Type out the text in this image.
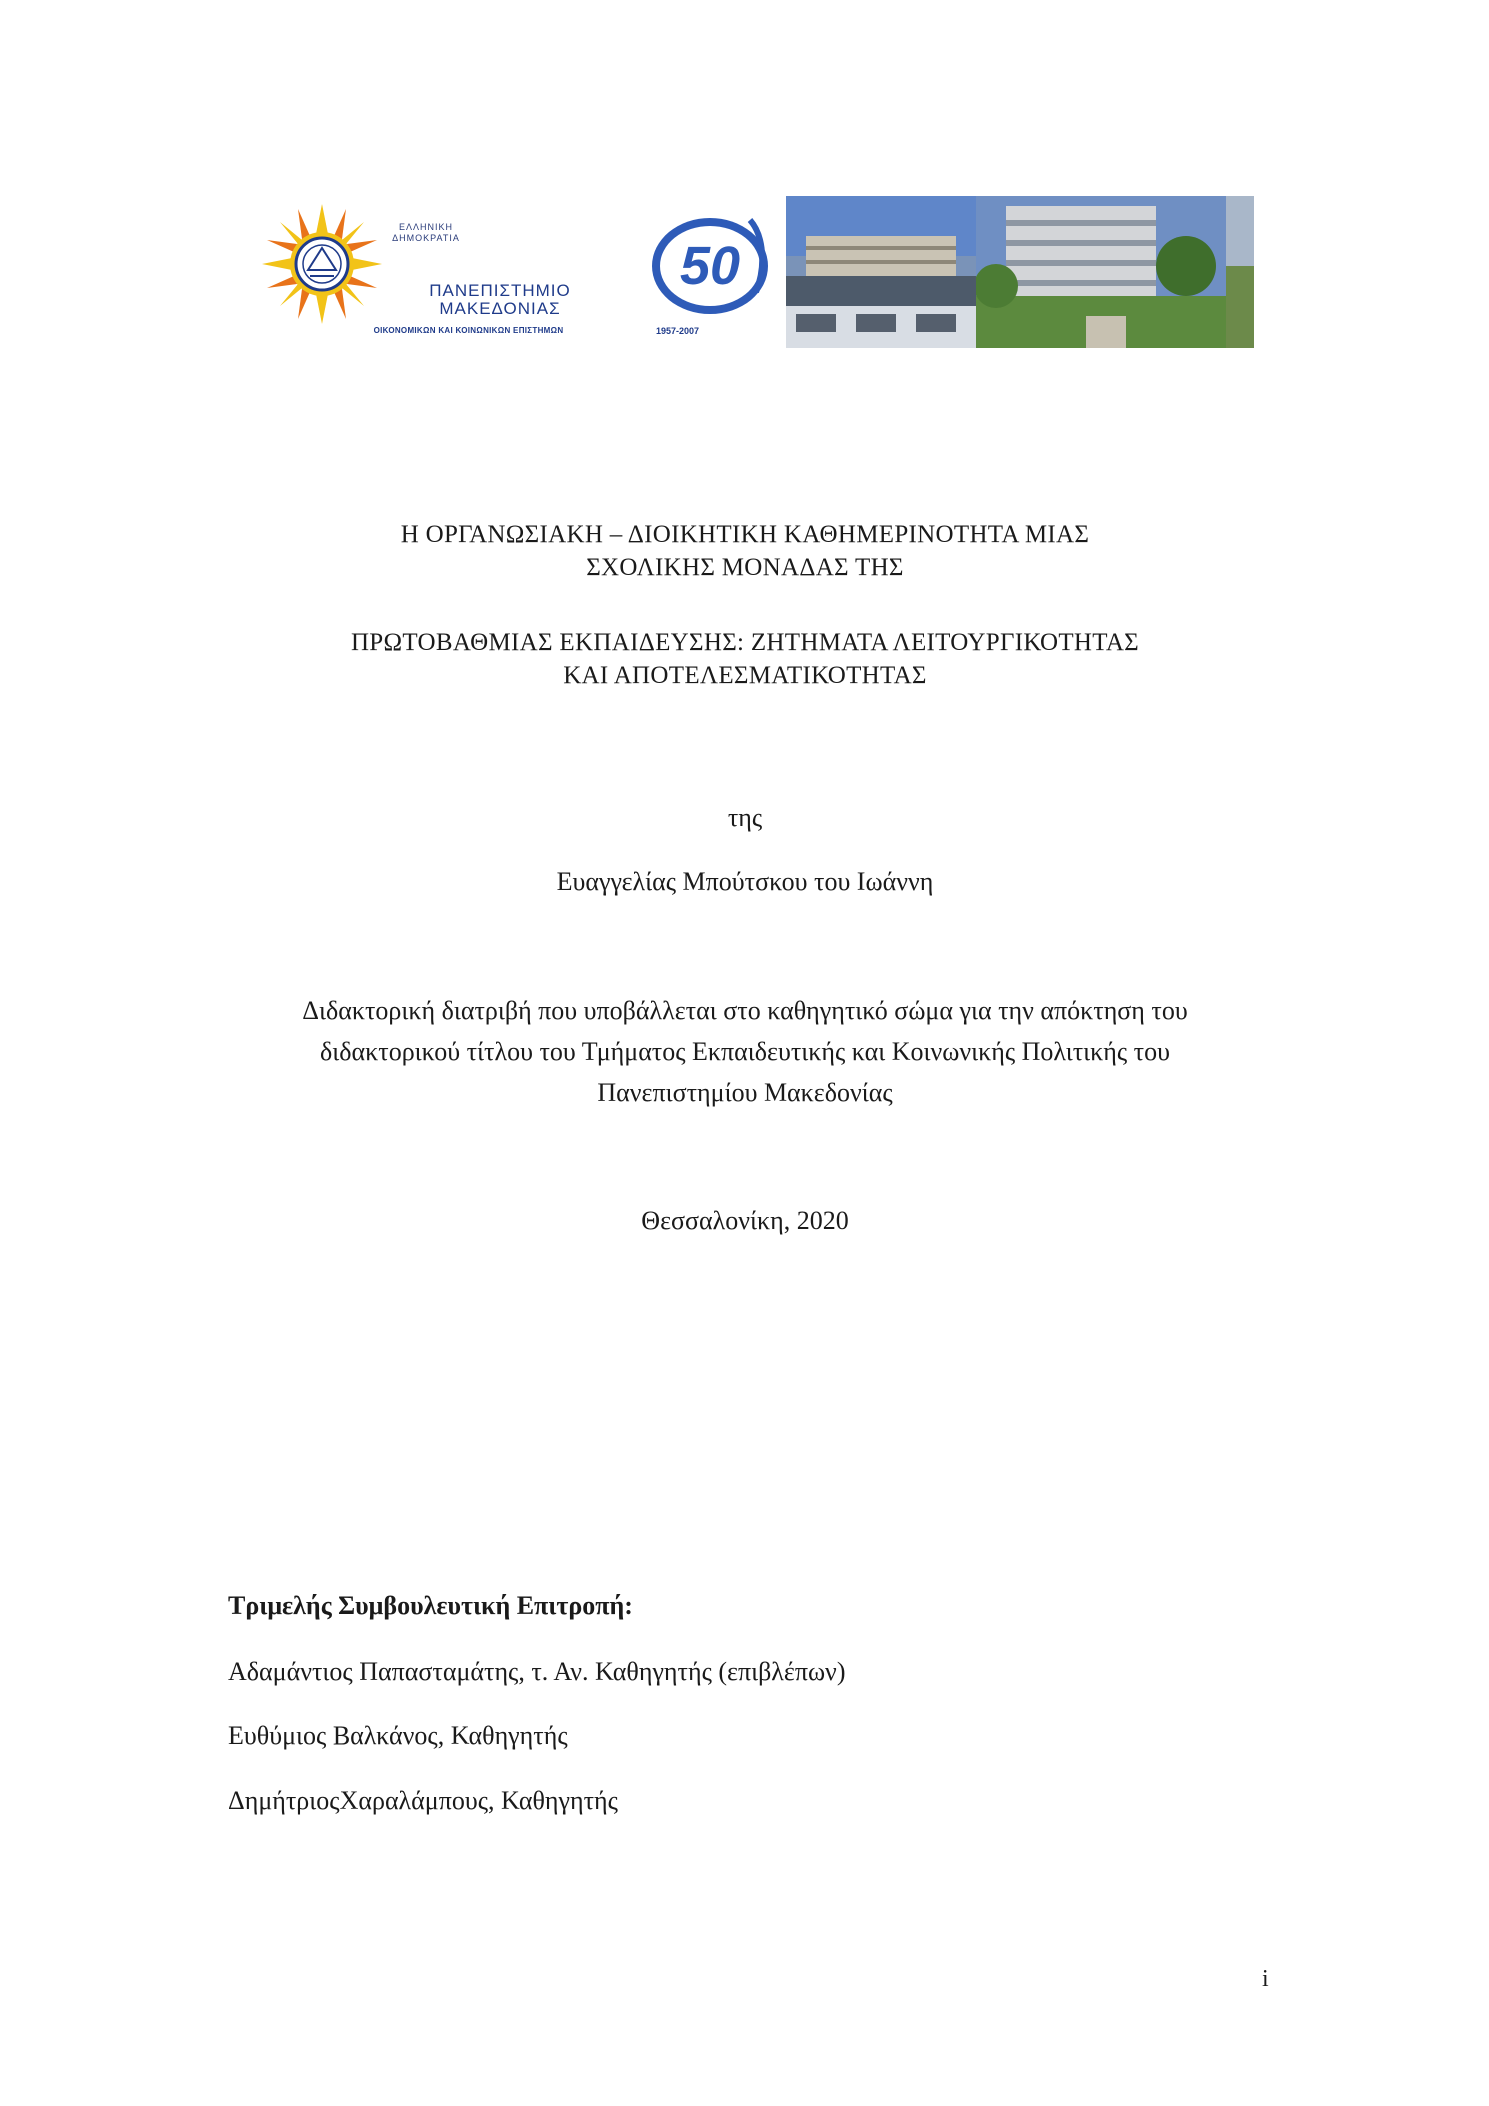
ΕΛΛΗΝΙΚΗ ΔΗΜΟΚΡΑΤΙΑ
ΠΑΝΕΠΙΣΤΗΜΙΟ
ΜΑΚΕΔΟΝΙΑΣ
ΟΙΚΟΝΟΜΙΚΩΝ ΚΑΙ ΚΟΙΝΩΝΙΚΩΝ ΕΠΙΣΤΗΜΩΝ
50
1957-2007
Η ΟΡΓΑΝΩΣΙΑΚΗ – ΔΙΟΙΚΗΤΙΚΗ ΚΑΘΗΜΕΡΙΝΟΤΗΤΑ ΜΙΑΣ
ΣΧΟΛΙΚΗΣ ΜΟΝΑΔΑΣ ΤΗΣ
ΠΡΩΤΟΒΑΘΜΙΑΣ ΕΚΠΑΙΔΕΥΣΗΣ: ΖΗΤΗΜΑΤΑ ΛΕΙΤΟΥΡΓΙΚΟΤΗΤΑΣ
ΚΑΙ ΑΠΟΤΕΛΕΣΜΑΤΙΚΟΤΗΤΑΣ
της
Ευαγγελίας Μπούτσκου του Ιωάννη
Διδακτορική διατριβή που υποβάλλεται στο καθηγητικό σώμα για την απόκτηση του
διδακτορικού τίτλου του Τμήματος Εκπαιδευτικής και Κοινωνικής Πολιτικής του
Πανεπιστημίου Μακεδονίας
Θεσσαλονίκη, 2020
Τριμελής Συμβουλευτική Επιτροπή:
Αδαμάντιος Παπασταμάτης, τ. Αν. Καθηγητής (επιβλέπων)
Ευθύμιος Βαλκάνος, Καθηγητής
ΔημήτριοςΧαραλάμπους, Καθηγητής
i
